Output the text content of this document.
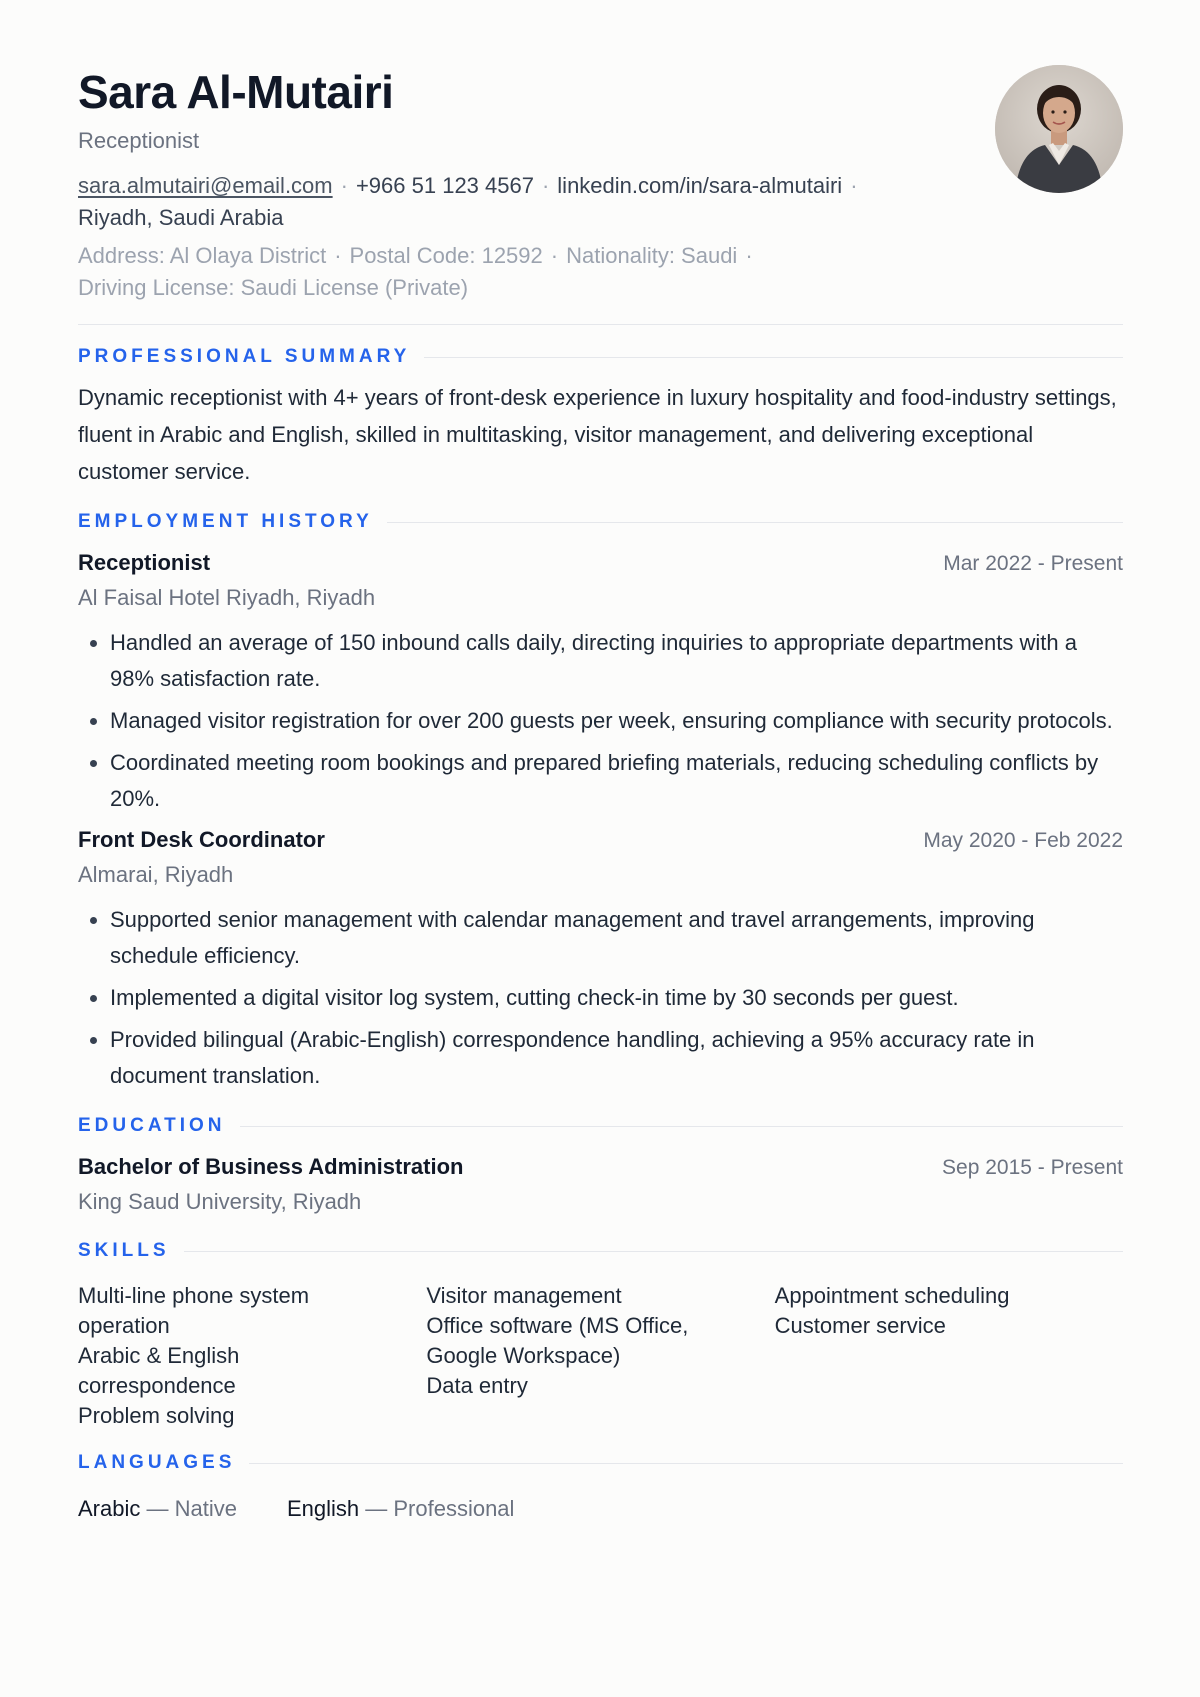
Sara Al-Mutairi
Receptionist
sara.almutairi@email.com · +966 51 123 4567 · linkedin.com/in/sara-almutairi ·
Riyadh, Saudi Arabia
Address: Al Olaya District · Postal Code: 12592 · Nationality: Saudi ·
Driving License: Saudi License (Private)
PROFESSIONAL SUMMARY
Dynamic receptionist with 4+ years of front-desk experience in luxury hospitality and food-industry settings, fluent in Arabic and English, skilled in multitasking, visitor management, and delivering exceptional customer service.
EMPLOYMENT HISTORY
Receptionist	Mar 2022 - Present
Al Faisal Hotel Riyadh, Riyadh
• Handled an average of 150 inbound calls daily, directing inquiries to appropriate departments with a 98% satisfaction rate.
• Managed visitor registration for over 200 guests per week, ensuring compliance with security protocols.
• Coordinated meeting room bookings and prepared briefing materials, reducing scheduling conflicts by 20%.
Front Desk Coordinator	May 2020 - Feb 2022
Almarai, Riyadh
• Supported senior management with calendar management and travel arrangements, improving schedule efficiency.
• Implemented a digital visitor log system, cutting check-in time by 30 seconds per guest.
• Provided bilingual (Arabic-English) correspondence handling, achieving a 95% accuracy rate in document translation.
EDUCATION
Bachelor of Business Administration	Sep 2015 - Present
King Saud University, Riyadh
SKILLS
Multi-line phone system operation
Arabic & English correspondence
Problem solving
Visitor management
Office software (MS Office, Google Workspace)
Data entry
Appointment scheduling
Customer service
LANGUAGES
Arabic — Native English — Professional
